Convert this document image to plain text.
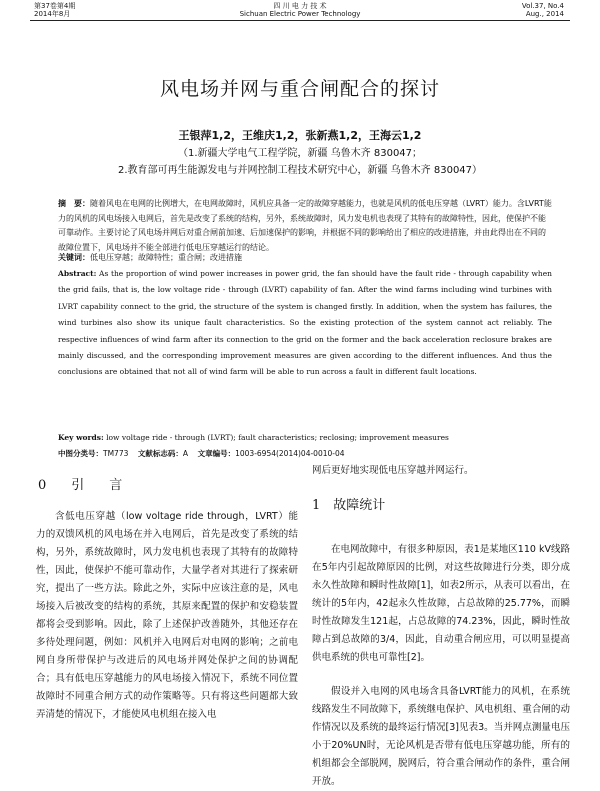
第37卷第4期
2014年8月
四 川 电 力 技 术
Sichuan Electric Power Technology
Vol.37, No.4
Aug., 2014
风电场并网与重合闸配合的探讨
王银萍1,2，王维庆1,2，张新燕1,2，王海云1,2
（1.新疆大学电气工程学院，新疆 乌鲁木齐 830047；
2.教育部可再生能源发电与并网控制工程技术研究中心，新疆 乌鲁木齐 830047）
摘　要：随着风电在电网的比例增大，在电网故障时，风机应具备一定的故障穿越能力，也就是风机的低电压穿越（LVRT）能力。含LVRT能力的风机的风电场接入电网后，首先是改变了系统的结构，另外，系统故障时，风力发电机也表现了其特有的故障特性，因此，使保护不能可靠动作。主要讨论了风电场并网后对重合闸前加速、后加速保护的影响，并根据不同的影响给出了相应的改进措施，并由此得出在不同的故障位置下，风电场并不能全部进行低电压穿越运行的结论。
关键词：低电压穿越；故障特性；重合闸；改进措施
Abstract: As the proportion of wind power increases in power grid, the fan should have the fault ride - through capability when the grid fails, that is, the low voltage ride - through (LVRT) capability of fan. After the wind farms including wind turbines with LVRT capability connect to the grid, the structure of the system is changed firstly. In addition, when the system has failures, the wind turbines also show its unique fault characteristics. So the existing protection of the system cannot act reliably. The respective influences of wind farm after its connection to the grid on the former and the back acceleration reclosure brakes are mainly discussed, and the corresponding improvement measures are given according to the different influences. And thus the conclusions are obtained that not all of wind farm will be able to run across a fault in different fault locations.
Key words: low voltage ride - through (LVRT); fault characteristics; reclosing; improvement measures
中图分类号：TM773 文献标志码：A 文章编号：1003-6954(2014)04-0010-04
0　引　言
含低电压穿越（low voltage ride through，LVRT）能力的双馈风机的风电场在并入电网后，首先是改变了系统的结构，另外，系统故障时，风力发电机也表现了其特有的故障特性，因此，使保护不能可靠动作，大量学者对其进行了探索研究，提出了一些方法。除此之外，实际中应该注意的是，风电场接入后被改变的结构的系统，其原来配置的保护和安稳装置都将会受到影响。因此，除了上述保护改善随外，其他还存在多待处理问题，例如：风机并入电网后对电网的影响；之前电网自身所带保护与改进后的风电场并网处保护之间的协调配合；具有低电压穿越能力的风电场接入情况下，系统不同位置故障时不同重合闸方式的动作策略等。只有将这些问题都大致弄清楚的情况下，才能使风电机组在接入电
网后更好地实现低电压穿越并网运行。
1　故障统计
在电网故障中，有很多种原因，表1是某地区110 kV线路在5年内引起故障原因的比例，对这些故障进行分类，即分成永久性故障和瞬时性故障[1]，如表2所示，从表可以看出，在统计的5年内，42起永久性故障，占总故障的25.77%，而瞬时性故障发生121起，占总故障的74.23%，因此，瞬时性故障占到总故障的3/4，因此，自动重合闸应用，可以明显提高供电系统的供电可靠性[2]。
假设并入电网的风电场含具备LVRT能力的风机，在系统线路发生不同故障下，系统继电保护、风电机组、重合闸的动作情况以及系统的最终运行情况[3]见表3。当并网点测量电压小于20%UN时，无论风机是否带有低电压穿越功能，所有的机组都会全部脱网，脱网后，符合重合闸动作的条件，重合闸开放。
